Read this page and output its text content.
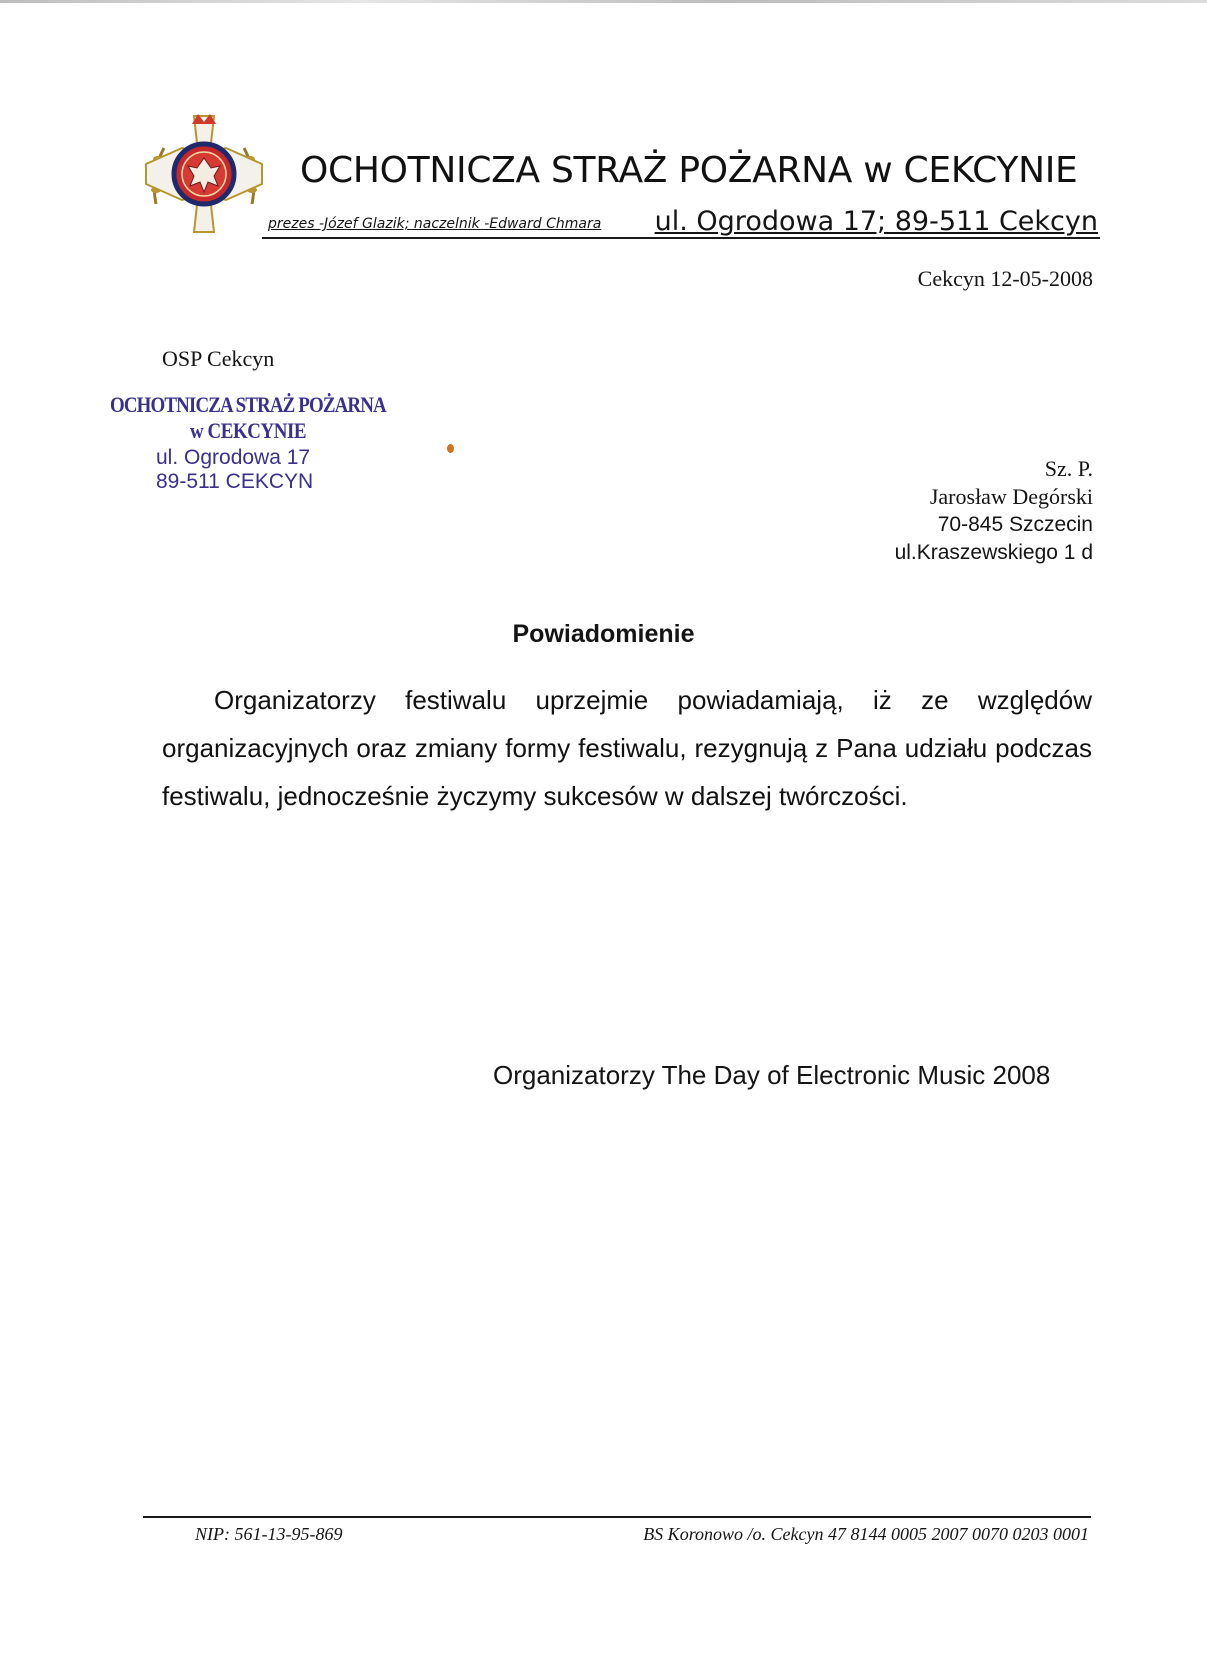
OCHOTNICZA STRAŻ POŻARNA w CEKCYNIE
prezes -Józef Glazik; naczelnik -Edward Chmara ul. Ogrodowa 17; 89-511 Cekcyn
Cekcyn 12-05-2008
OSP Cekcyn
OCHOTNICZA STRAŻ POŻARNA
w CEKCYNIE
ul. Ogrodowa 17
89-511 CEKCYN
Sz. P.
Jarosław Degórski
70-845 Szczecin
ul.Kraszewskiego 1 d
Powiadomienie

Organizatorzy festiwalu uprzejmie powiadamiają, iż ze względów organizacyjnych oraz zmiany formy festiwalu, rezygnują z Pana udziału podczas festiwalu, jednocześnie życzymy sukcesów w dalszej twórczości.

Organizatorzy The Day of Electronic Music 2008
NIP: 561-13-95-869	BS Koronowo /o. Cekcyn 47 8144 0005 2007 0070 0203 0001
